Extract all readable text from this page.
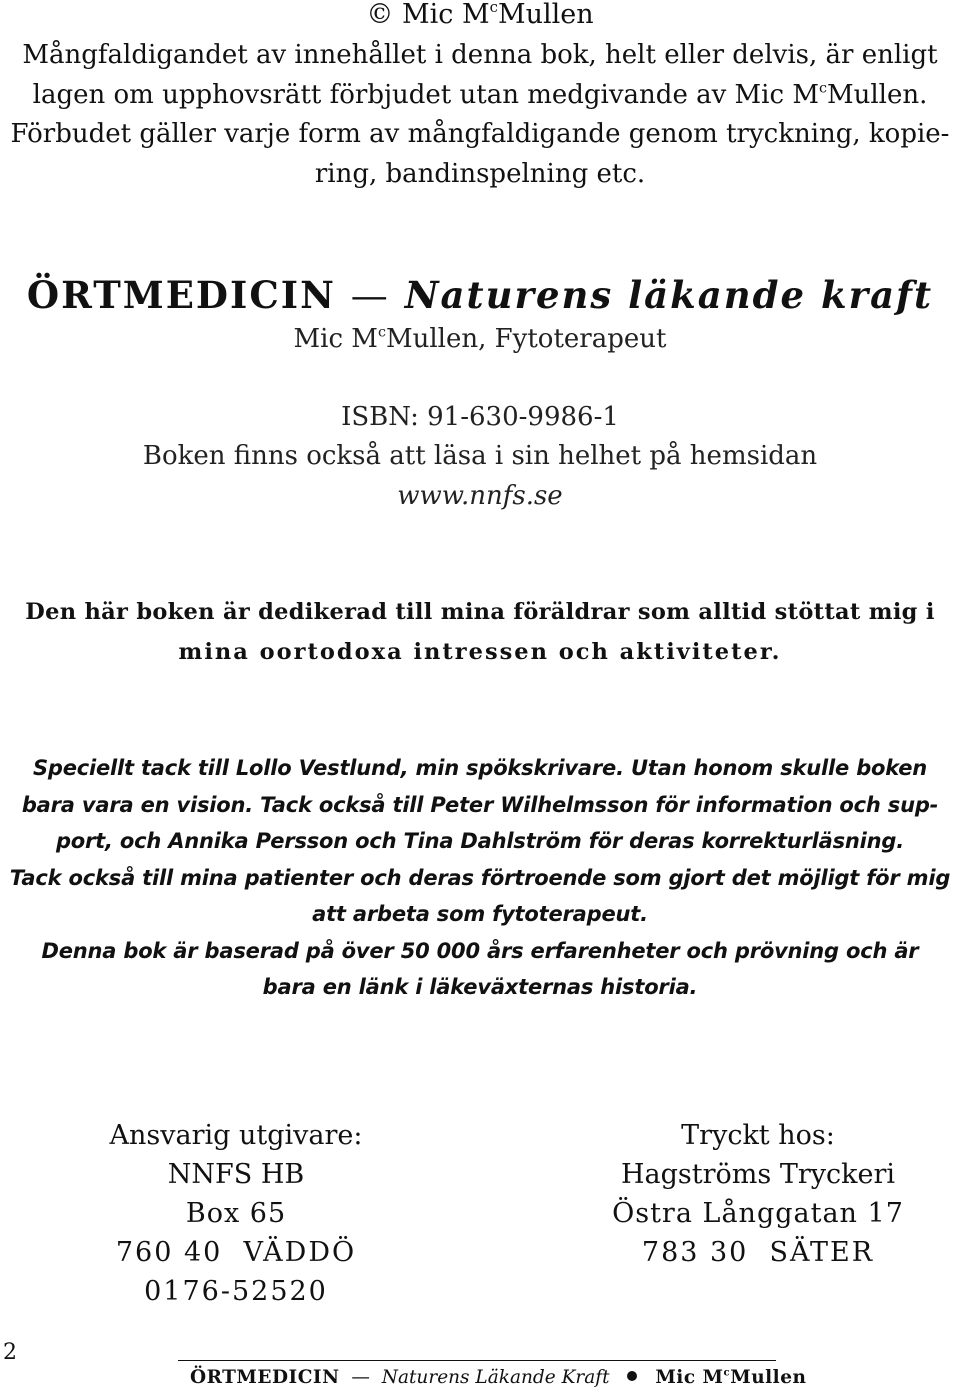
© Mic $M^cMullen$
Mångfaldigandet av innehållet i denna bok, helt eller delvis, är enligt
lagen om upphovsrätt förbjudet utan medgivande av Mic $M^cMullen$.
Förbudet gäller varje form av mångfaldigande genom tryckning, kopie-
ring, bandinspelning etc.
ÖRTMEDICIN — Naturens läkande kraft
Mic $M^cMullen$, Fytoterapeut
ISBN: 91-630-9986-1
Boken finns också att läsa i sin helhet på hemsidan
www.nnfs.se
Den här boken är dedikerad till mina föräldrar som alltid stöttat mig i
mina oortodoxa intressen och aktiviteter.
Speciellt tack till Lollo Vestlund, min spökskrivare. Utan honom skulle boken
bara vara en vision. Tack också till Peter Wilhelmsson för information och sup-
port, och Annika Persson och Tina Dahlström för deras korrekturläsning.
Tack också till mina patienter och deras förtroende som gjort det möjligt för mig
att arbeta som fytoterapeut.
Denna bok är baserad på över 50 000 års erfarenheter och prövning och är
bara en länk i läkeväxternas historia.
Ansvarig utgivare:
NNFS HB
Box 65
760 40  VÄDDÖ
0176-52520
Tryckt hos:
Hagströms Tryckeri
Östra Långgatan 17
783 30  SÄTER
2
ÖRTMEDICIN — Naturens Läkande Kraft Mic $M^cMullen$
